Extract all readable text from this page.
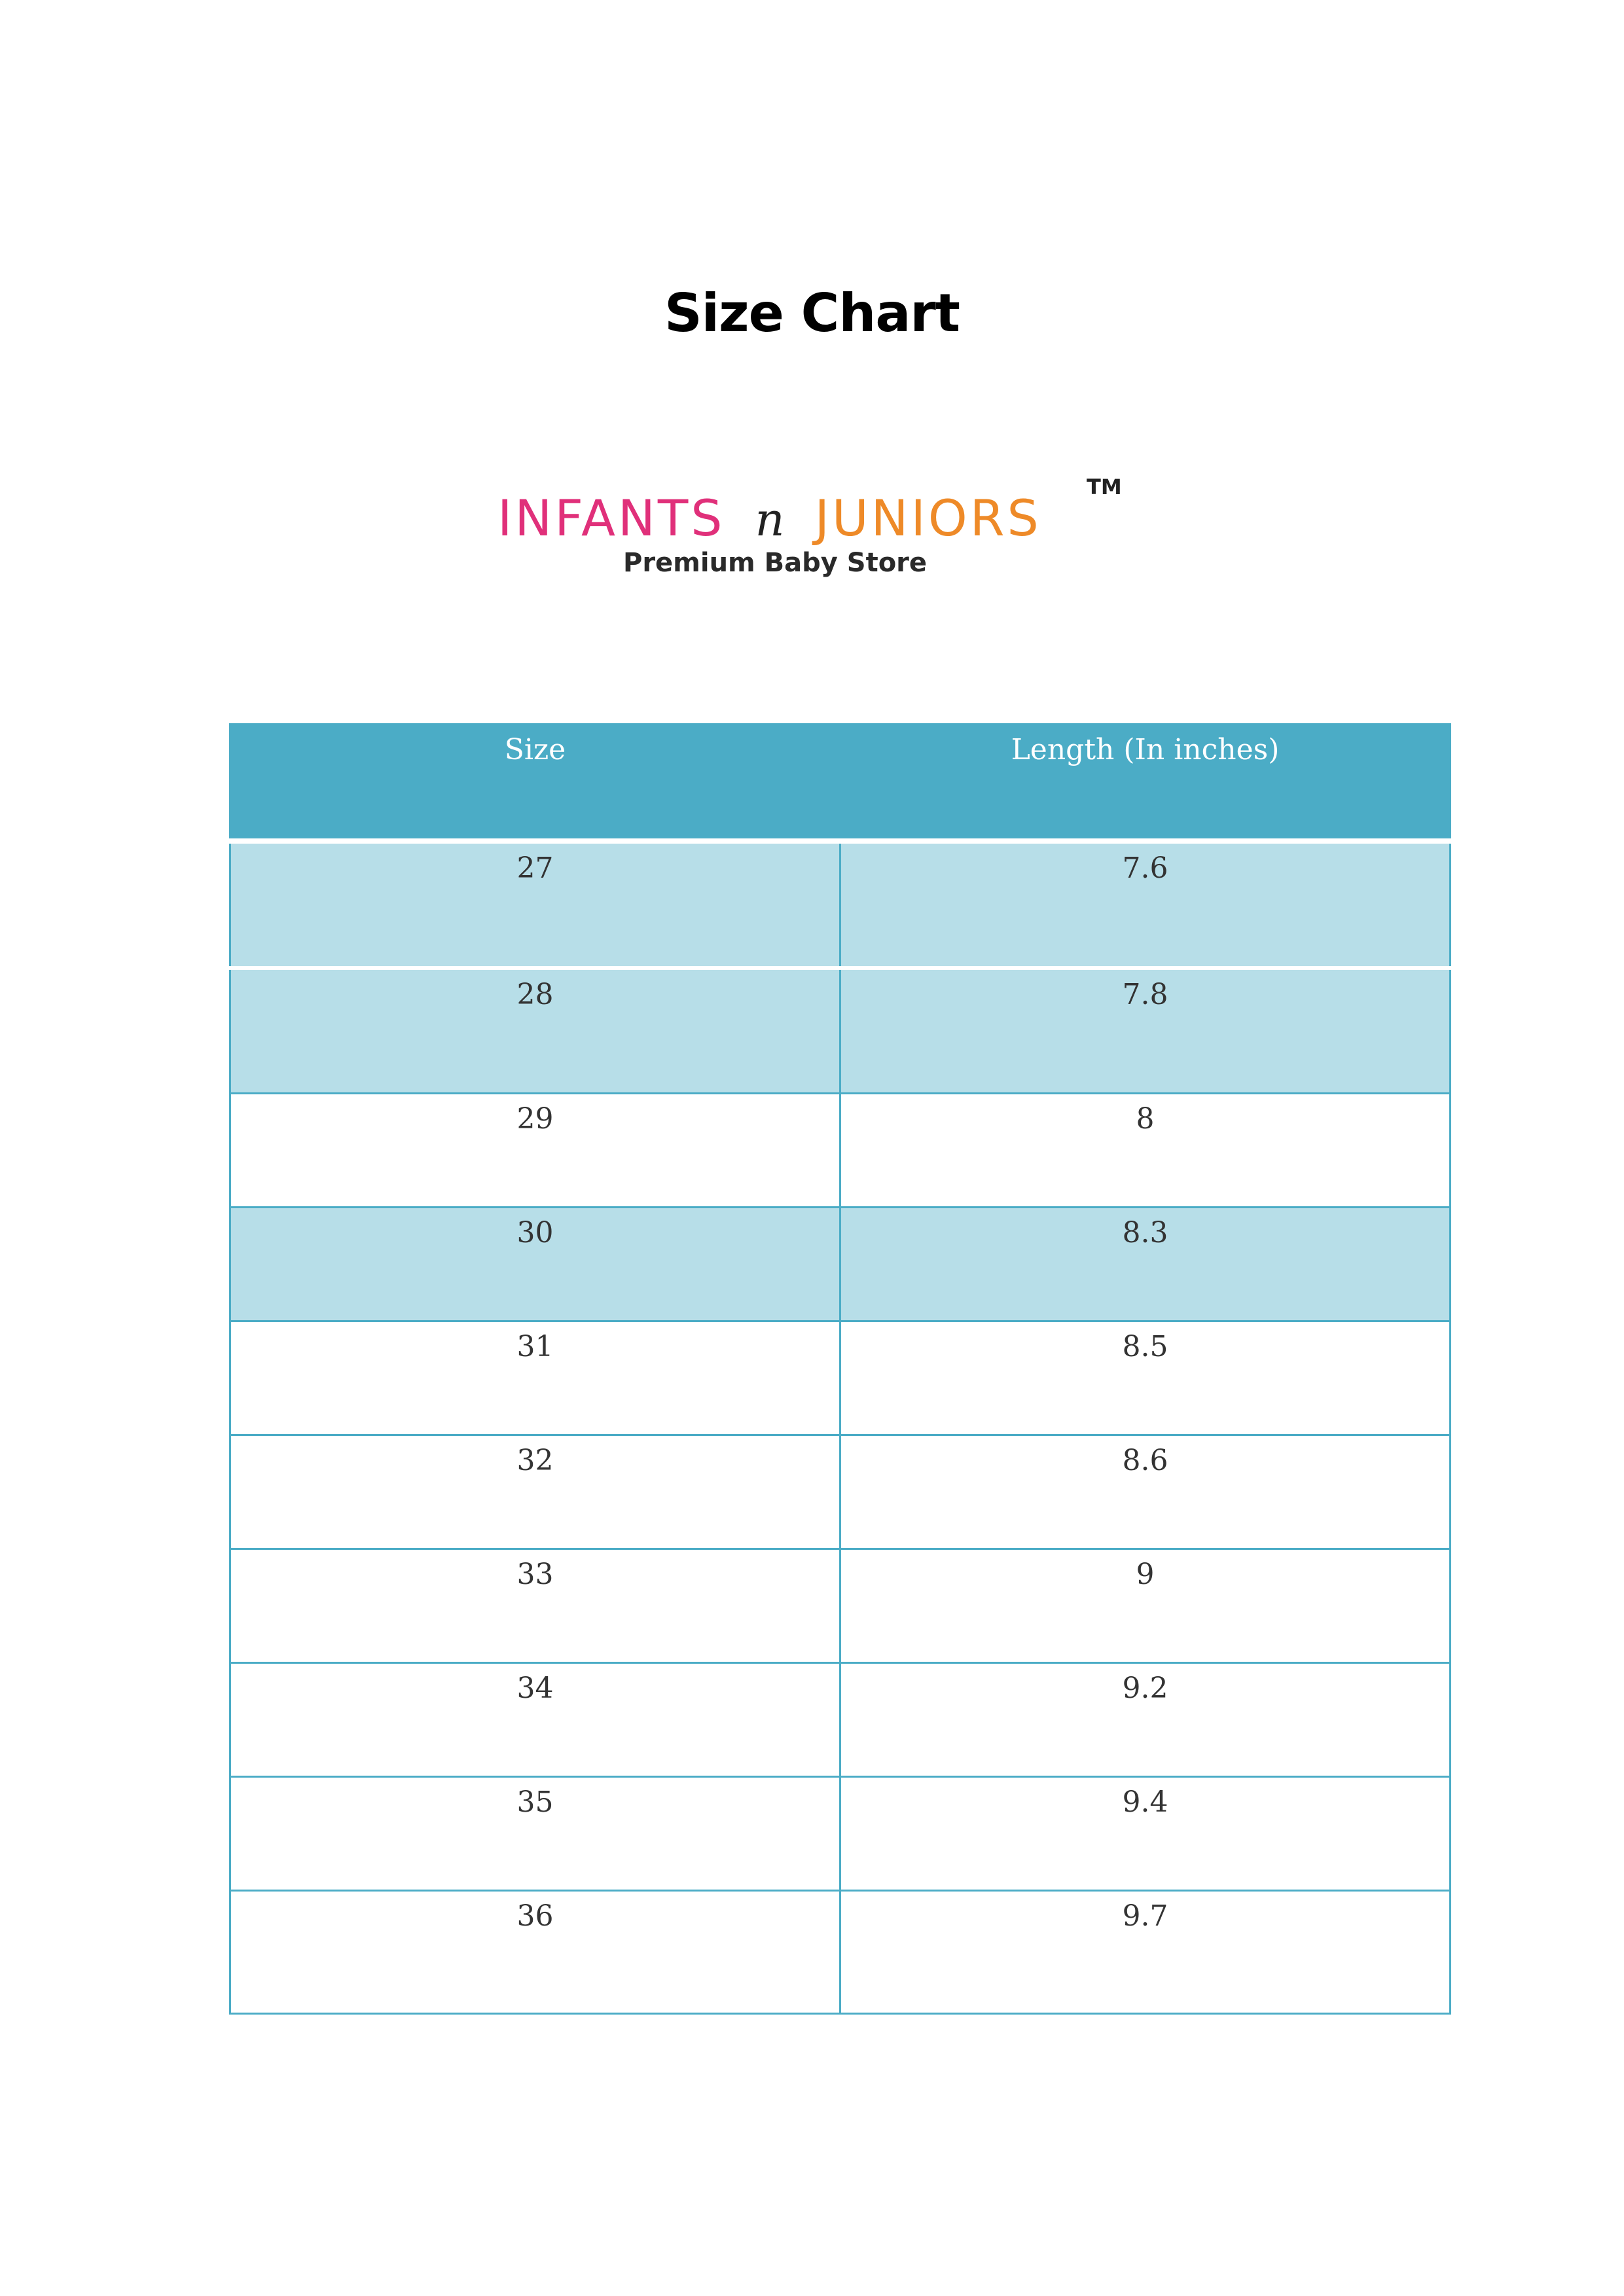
Size Chart
INFANTS n JUNIORS
TM
Premium Baby Store
Size	Length (In inches)
27	7.6
28	7.8
29	8
30	8.3
31	8.5
32	8.6
33	9
34	9.2
35	9.4
36	9.7
